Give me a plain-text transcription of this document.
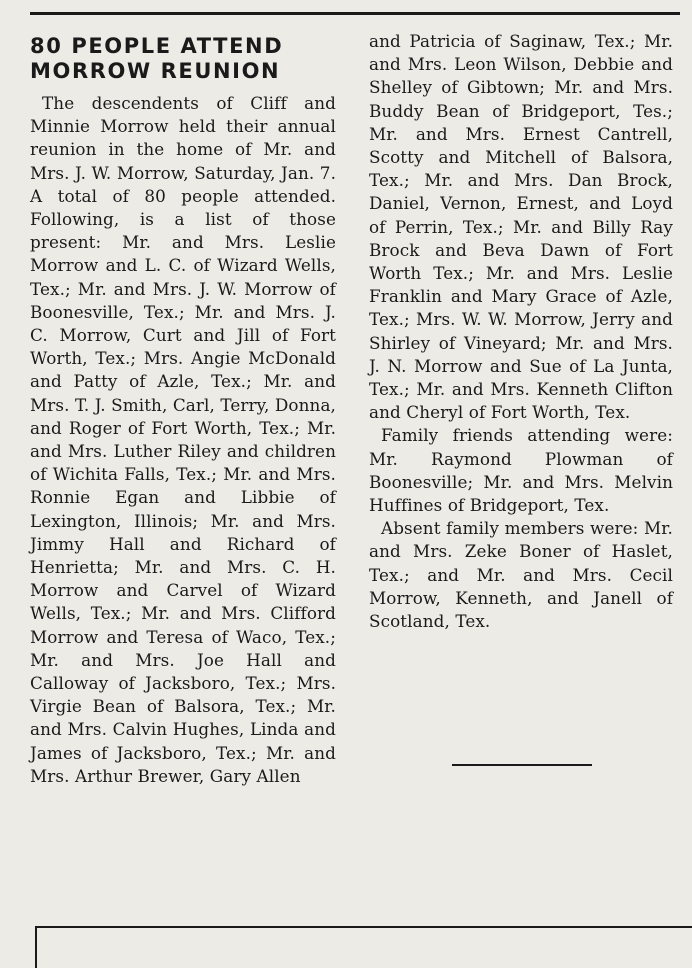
80 PEOPLE ATTEND
MORROW REUNION

The descendents of Cliff and Minnie Morrow held their annual reunion in the home of Mr. and Mrs. J. W. Morrow, Saturday, Jan. 7. A total of 80 people attended. Following, is a list of those present: Mr. and Mrs. Leslie Morrow and L. C. of Wizard Wells, Tex.; Mr. and Mrs. J. W. Morrow of Boonesville, Tex.; Mr. and Mrs. J. C. Morrow, Curt and Jill of Fort Worth, Tex.; Mrs. Angie McDonald and Patty of Azle, Tex.; Mr. and Mrs. T. J. Smith, Carl, Terry, Donna, and Roger of Fort Worth, Tex.; Mr. and Mrs. Luther Riley and children of Wichita Falls, Tex.; Mr. and Mrs. Ronnie Egan and Libbie of Lexington, Illinois; Mr. and Mrs. Jimmy Hall and Richard of Henrietta; Mr. and Mrs. C. H. Morrow and Carvel of Wizard Wells, Tex.; Mr. and Mrs. Clifford Morrow and Teresa of Waco, Tex.; Mr. and Mrs. Joe Hall and Calloway of Jacksboro, Tex.; Mrs. Virgie Bean of Balsora, Tex.; Mr. and Mrs. Calvin Hughes, Linda and James of Jacksboro, Tex.; Mr. and Mrs. Arthur Brewer, Gary Allen

and Patricia of Saginaw, Tex.; Mr. and Mrs. Leon Wilson, Debbie and Shelley of Gibtown; Mr. and Mrs. Buddy Bean of Bridgeport, Tes.; Mr. and Mrs. Ernest Cantrell, Scotty and Mitchell of Balsora, Tex.; Mr. and Mrs. Dan Brock, Daniel, Vernon, Ernest, and Loyd of Perrin, Tex.; Mr. and Billy Ray Brock and Beva Dawn of Fort Worth Tex.; Mr. and Mrs. Leslie Franklin and Mary Grace of Azle, Tex.; Mrs. W. W. Morrow, Jerry and Shirley of Vineyard; Mr. and Mrs. J. N. Morrow and Sue of La Junta, Tex.; Mr. and Mrs. Kenneth Clifton and Cheryl of Fort Worth, Tex.

Family friends attending were: Mr. Raymond Plowman of Boonesville; Mr. and Mrs. Melvin Huffines of Bridgeport, Tex.

Absent family members were: Mr. and Mrs. Zeke Boner of Haslet, Tex.; and Mr. and Mrs. Cecil Morrow, Kenneth, and Janell of Scotland, Tex.
